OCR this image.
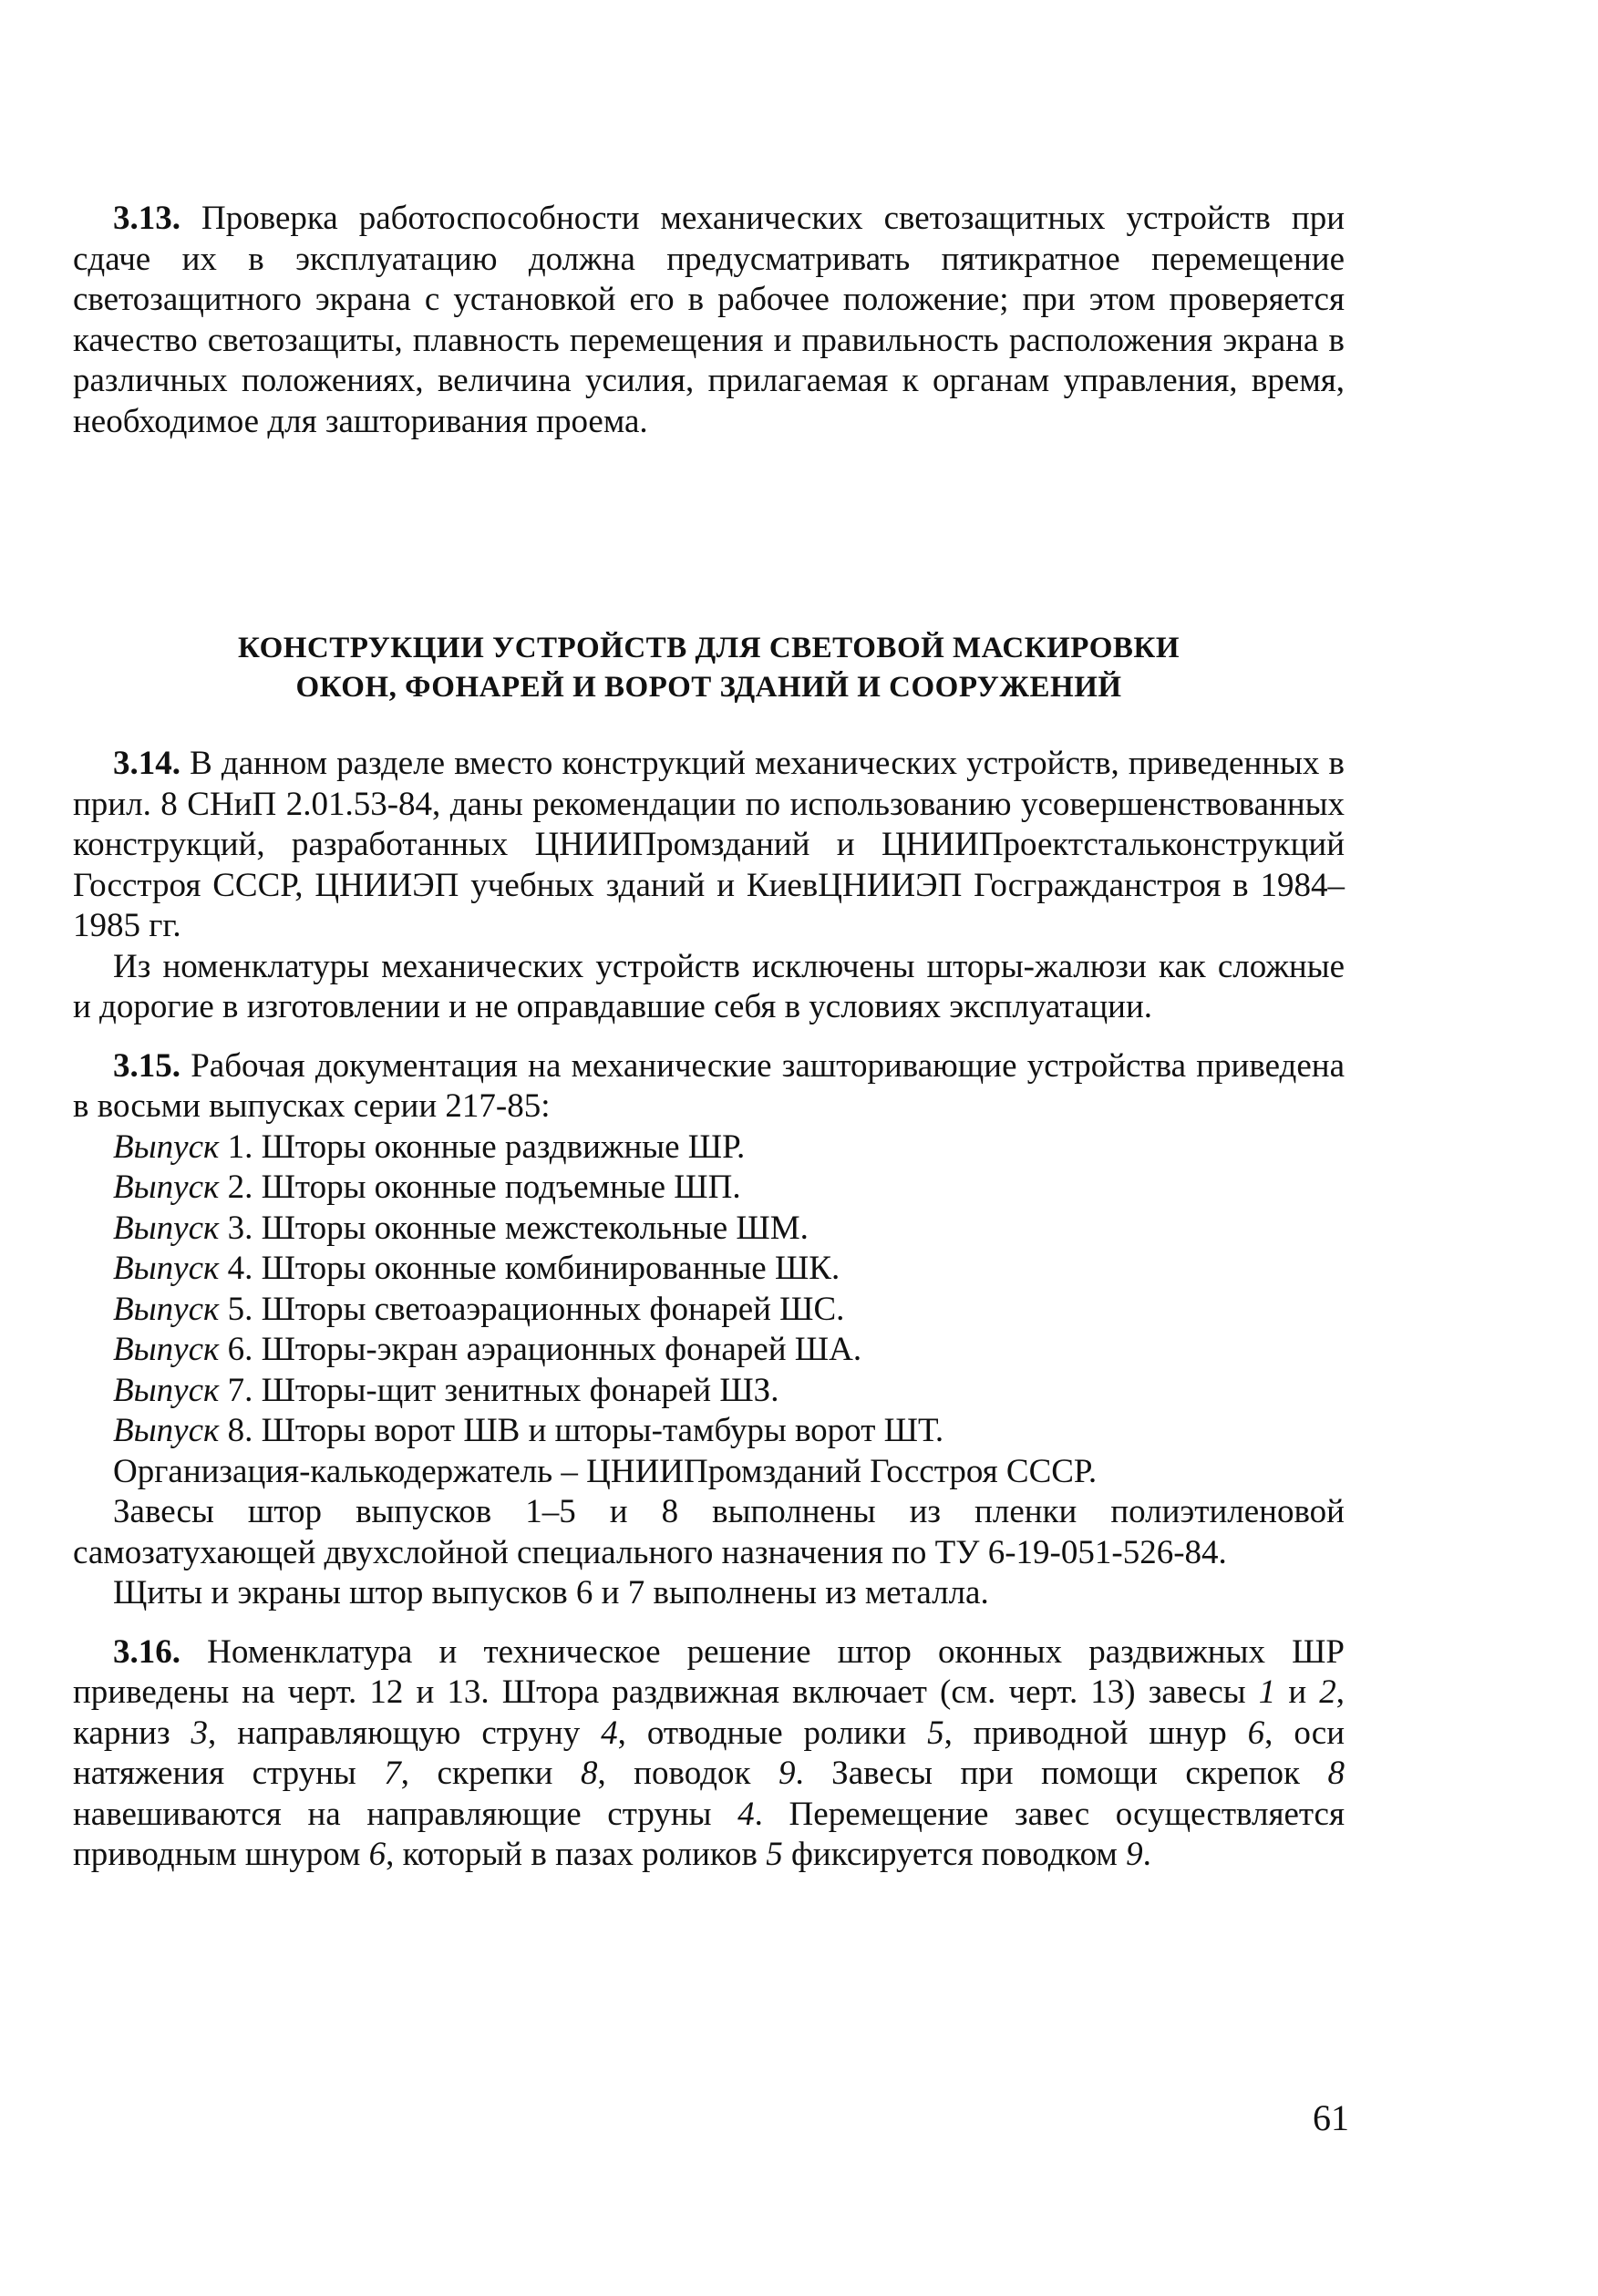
3.13. Проверка работоспособности механических светозащитных устройств при сдаче их в эксплуатацию должна предусматривать пятикратное перемещение светозащитного экрана с установкой его в рабочее положение; при этом проверяется качество светозащиты, плавность перемещения и правильность расположения экрана в различных положениях, величина усилия, прилагаемая к органам управления, время, необходимое для зашторивания проема.

КОНСТРУКЦИИ УСТРОЙСТВ ДЛЯ СВЕТОВОЙ МАСКИРОВКИ
ОКОН, ФОНАРЕЙ И ВОРОТ ЗДАНИЙ И СООРУЖЕНИЙ

3.14. В данном разделе вместо конструкций механических устройств, приведенных в прил. 8 СНиП 2.01.53-84, даны рекомендации по использованию усовершенствованных конструкций, разработанных ЦНИИПромзданий и ЦНИИПроектстальконструкций Госстроя СССР, ЦНИИЭП учебных зданий и КиевЦНИИЭП Госгражданстроя в 1984–1985 гг.

Из номенклатуры механических устройств исключены шторы-жалюзи как сложные и дорогие в изготовлении и не оправдавшие себя в условиях эксплуатации.

3.15. Рабочая документация на механические зашторивающие устройства приведена в восьми выпусках серии 217-85:

Выпуск 1. Шторы оконные раздвижные ШР.

Выпуск 2. Шторы оконные подъемные ШП.

Выпуск 3. Шторы оконные межстекольные ШМ.

Выпуск 4. Шторы оконные комбинированные ШК.

Выпуск 5. Шторы светоаэрационных фонарей ШС.

Выпуск 6. Шторы-экран аэрационных фонарей ША.

Выпуск 7. Шторы-щит зенитных фонарей ШЗ.

Выпуск 8. Шторы ворот ШВ и шторы-тамбуры ворот ШТ.

Организация-калькодержатель – ЦНИИПромзданий Госстроя СССР.

Завесы штор выпусков 1–5 и 8 выполнены из пленки полиэтиленовой самозатухающей двухслойной специального назначения по ТУ 6-19-051-526-84.

Щиты и экраны штор выпусков 6 и 7 выполнены из металла.

3.16. Номенклатура и техническое решение штор оконных раздвижных ШР приведены на черт. 12 и 13. Штора раздвижная включает (см. черт. 13) завесы 1 и 2, карниз 3, направляющую струну 4, отводные ролики 5, приводной шнур 6, оси натяжения струны 7, скрепки 8, поводок 9. Завесы при помощи скрепок 8 навешиваются на направляющие струны 4. Перемещение завес осуществляется приводным шнуром 6, который в пазах роликов 5 фиксируется поводком 9.

61
